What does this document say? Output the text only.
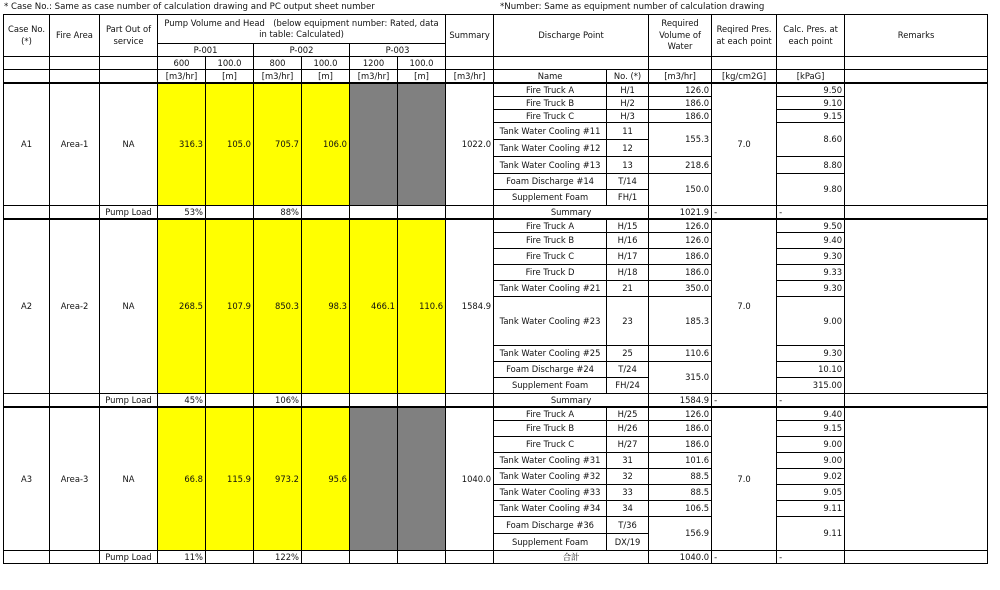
* Case No.: Same as case number of calculation drawing and PC output sheet number	*Number: Same as equipment number of calculation drawing
Case No. (*)	Fire Area	Part Out of service	Pump Volume and Head　(below equipment number: Rated, data in table: Calculated)						Summary	Discharge Point		Required Volume of Water	Reqired Pres. at each point	Calc. Pres. at each point	Remarks

			P-001		P-002		P-003								
			600	100.0	800	100.0	1200	100.0							
			[m3/hr]	[m]	[m3/hr]	[m]	[m3/hr]	[m]	[m3/hr]	Name	No. (*)	[m3/hr]	[kg/cm2G]	[kPaG]	
A1	Area-1	NA	316.3	105.0	705.7	106.0			1022.0	Fire Truck A	H/1	126.0	7.0	9.50	
										Fire Truck B	H/2	186.0		9.10	
										Fire Truck C	H/3	186.0		9.15	
										Tank Water Cooling #11	11	155.3		8.60	
										Tank Water Cooling #12	12				
										Tank Water Cooling #13	13	218.6		8.80	
										Foam Discharge #14	T/14	150.0		9.80	
										Supplement Foam	FH/1				
		Pump Load	53%		88%					Summary		1021.9	-	-	
A2	Area-2	NA	268.5	107.9	850.3	98.3	466.1	110.6	1584.9	Fire Truck A	H/15	126.0	7.0	9.50	
										Fire Truck B	H/16	126.0		9.40	
										Fire Truck C	H/17	186.0		9.30	
										Fire Truck D	H/18	186.0		9.33	
										Tank Water Cooling #21	21	350.0		9.30	
										Tank Water Cooling #23	23	185.3		9.00	
										Tank Water Cooling #25	25	110.6		9.30	
										Foam Discharge #24	T/24	315.0		10.10	
										Supplement Foam	FH/24			315.00	
		Pump Load	45%		106%					Summary		1584.9	-	-	
A3	Area-3	NA	66.8	115.9	973.2	95.6			1040.0	Fire Truck A	H/25	126.0	7.0	9.40	
										Fire Truck B	H/26	186.0		9.15	
										Fire Truck C	H/27	186.0		9.00	
										Tank Water Cooling #31	31	101.6		9.00	
										Tank Water Cooling #32	32	88.5		9.02	
										Tank Water Cooling #33	33	88.5		9.05	
										Tank Water Cooling #34	34	106.5		9.11	
										Foam Discharge #36	T/36	156.9		9.11	
										Supplement Foam	DX/19				
		Pump Load	11%		122%					合計		1040.0	-	-	
